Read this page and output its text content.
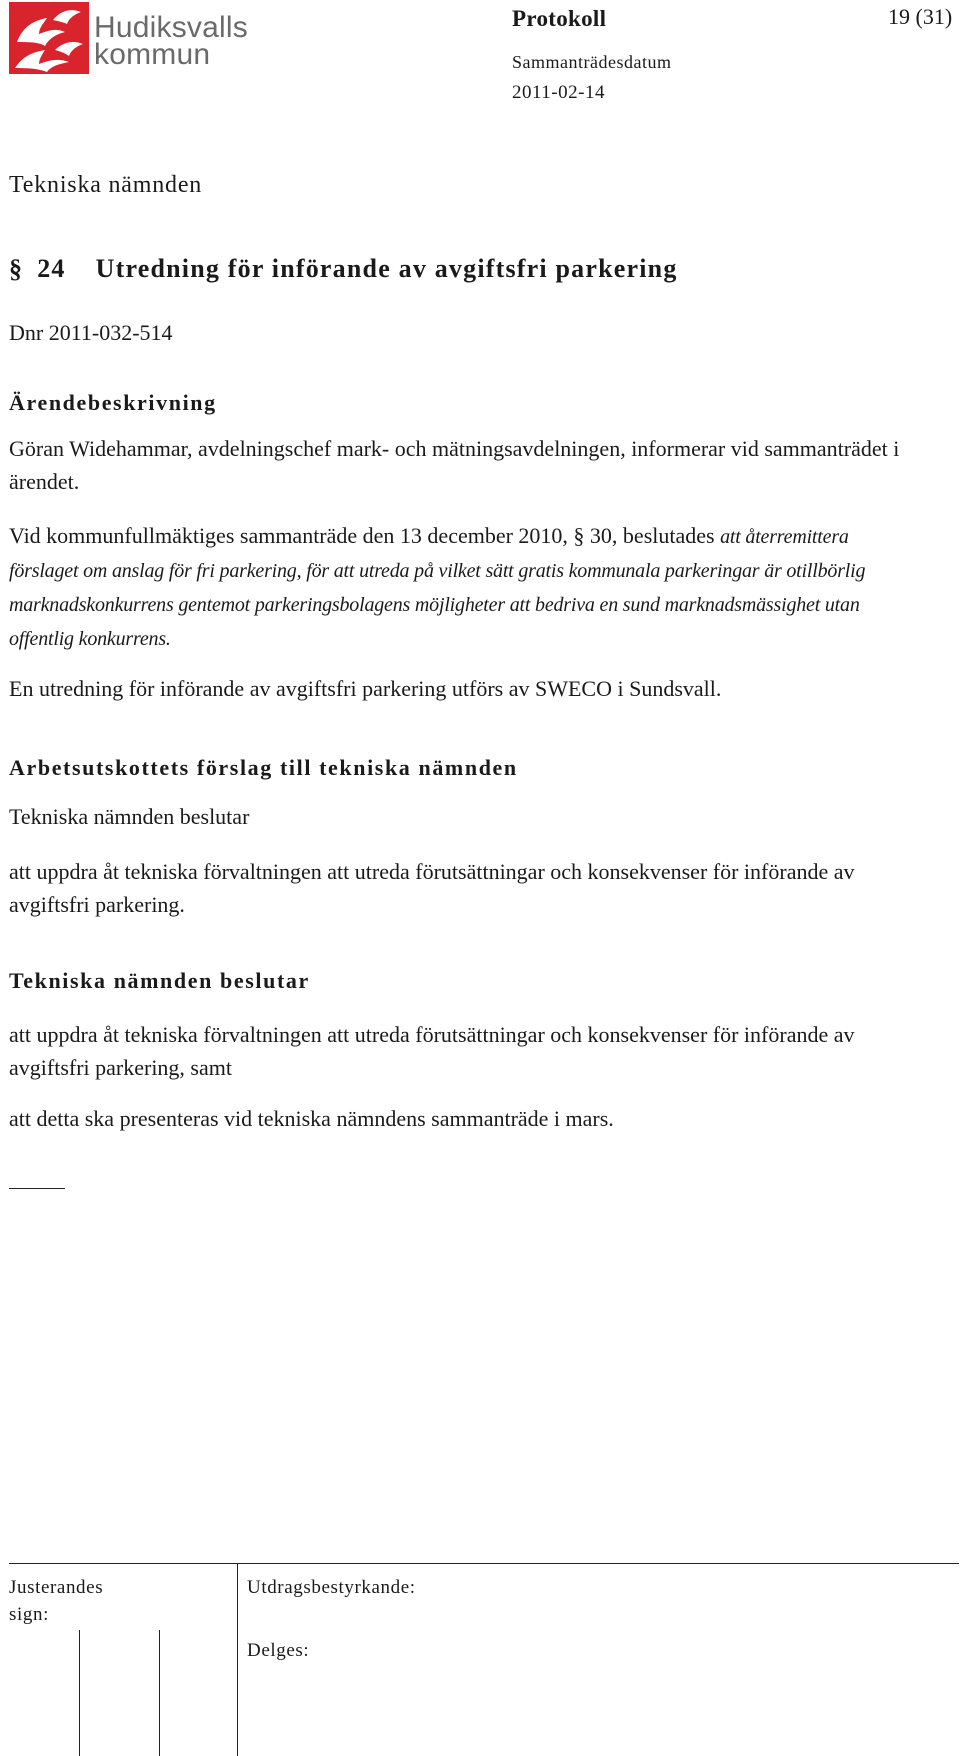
Hudiksvalls
kommun
Protokoll	19 (31)
Sammanträdesdatum
2011-02-14
Tekniska nämnden
§ 24 Utredning för införande av avgiftsfri parkering
Dnr 2011-032-514
Ärendebeskrivning

Göran Widehammar, avdelningschef mark- och mätningsavdelningen, informerar vid sammanträdet i ärendet.

Vid kommunfullmäktiges sammanträde den 13 december 2010, § 30, beslutades att återremittera förslaget om anslag för fri parkering, för att utreda på vilket sätt gratis kommunala parkeringar är otillbörlig marknadskonkurrens gentemot parkeringsbolagens möjligheter att bedriva en sund marknadsmässighet utan offentlig konkurrens.

En utredning för införande av avgiftsfri parkering utförs av SWECO i Sundsvall.

Arbetsutskottets förslag till tekniska nämnden

Tekniska nämnden beslutar

att uppdra åt tekniska förvaltningen att utreda förutsättningar och konsekvenser för införande av avgiftsfri parkering.

Tekniska nämnden beslutar

att uppdra åt tekniska förvaltningen att utreda förutsättningar och konsekvenser för införande av avgiftsfri parkering, samt

att detta ska presenteras vid tekniska nämndens sammanträde i mars.

Justerandes sign:
Utdragsbestyrkande:
Delges:
